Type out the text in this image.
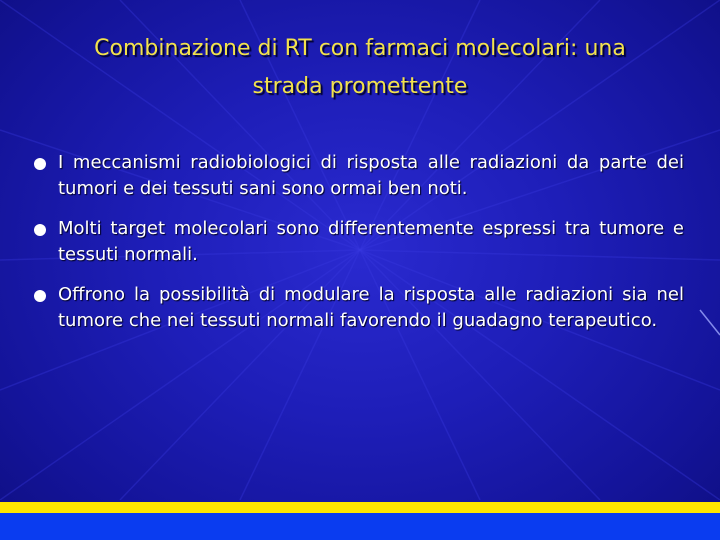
Combinazione di RT con farmaci molecolari: una
strada promettente
I meccanismi radiobiologici di risposta alle radiazioni da parte dei tumori e dei tessuti sani sono ormai ben noti.
Molti target molecolari sono differentemente espressi tra tumore e tessuti normali.
Offrono la possibilità di modulare la risposta alle radiazioni sia nel tumore che nei tessuti normali favorendo il guadagno terapeutico.
